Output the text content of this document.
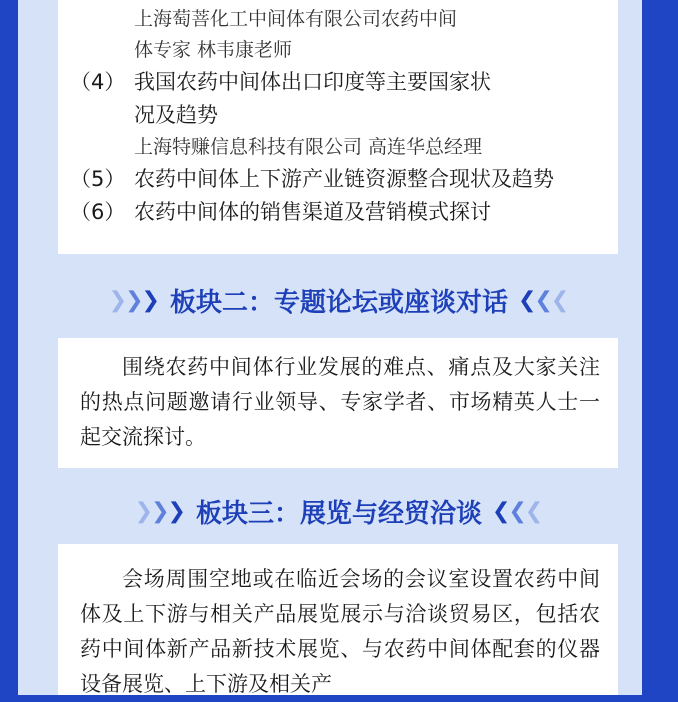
上海萄菩化工中间体有限公司农药中间
体专家 林韦康老师
（4） 我国农药中间体出口印度等主要国家状
况及趋势
上海特赚信息科技有限公司 高连华总经理
（5） 农药中间体上下游产业链资源整合现状及趋势
（6） 农药中间体的销售渠道及营销模式探讨
❯ ❯ ❯ 板块二：专题论坛或座谈对话 ❮ ❮ ❮
围绕农药中间体行业发展的难点、痛点及大家关注的热点问题邀请行业领导、专家学者、市场精英人士一起交流探讨。
❯ ❯ ❯ 板块三：展览与经贸洽谈 ❮ ❮ ❮
会场周围空地或在临近会场的会议室设置农药中间体及上下游与相关产品展览展示与洽谈贸易区，包括农药中间体新产品新技术展览、与农药中间体配套的仪器设备展览、上下游及相关产
